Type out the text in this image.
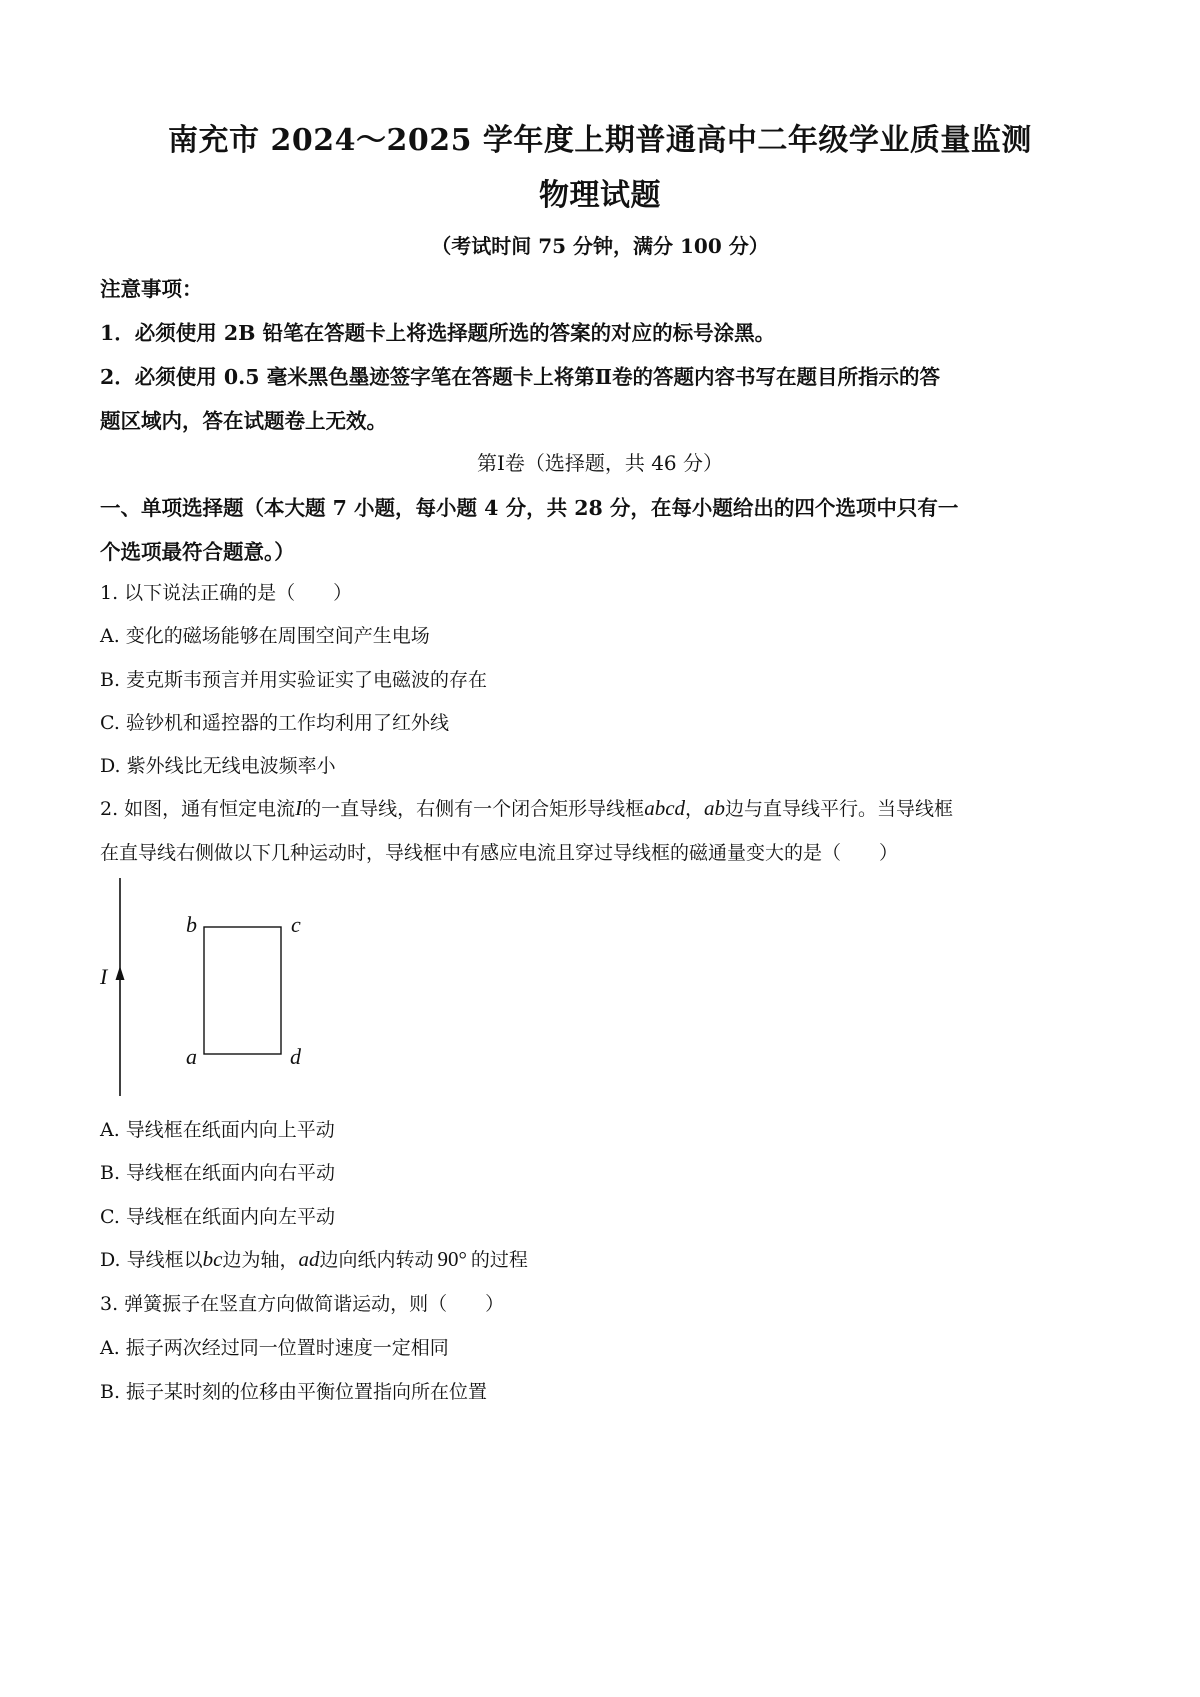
南充市 2024～2025 学年度上期普通高中二年级学业质量监测
物理试题
（考试时间 75 分钟，满分 100 分）
注意事项：
1．必须使用 2B 铅笔在答题卡上将选择题所选的答案的对应的标号涂黑。
2．必须使用 0.5 毫米黑色墨迹签字笔在答题卡上将第Ⅱ卷的答题内容书写在题目所指示的答
题区域内，答在试题卷上无效。
第Ⅰ卷（选择题，共 46 分）
一、单项选择题（本大题 7 小题，每小题 4 分，共 28 分，在每小题给出的四个选项中只有一
个选项最符合题意。）
1. 以下说法正确的是（　　）
A. 变化的磁场能够在周围空间产生电场
B. 麦克斯韦预言并用实验证实了电磁波的存在
C. 验钞机和遥控器的工作均利用了红外线
D. 紫外线比无线电波频率小
2. 如图，通有恒定电流I的一直导线，右侧有一个闭合矩形导线框abcd，ab边与直导线平行。当导线框
在直导线右侧做以下几种运动时，导线框中有感应电流且穿过导线框的磁通量变大的是（　　）
I
b	c
a	d
A. 导线框在纸面内向上平动
B. 导线框在纸面内向右平动
C. 导线框在纸面内向左平动
D. 导线框以bc边为轴，ad边向纸内转动 90° 的过程
3. 弹簧振子在竖直方向做简谐运动，则（　　）
A. 振子两次经过同一位置时速度一定相同
B. 振子某时刻的位移由平衡位置指向所在位置
